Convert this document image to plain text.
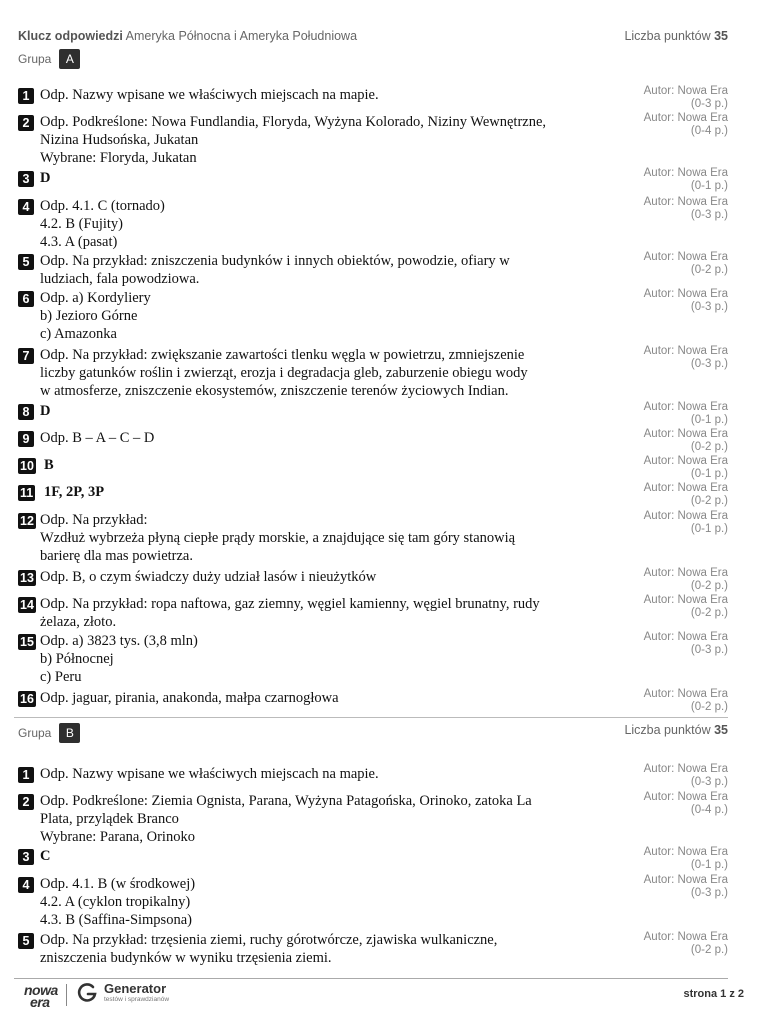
Klucz odpowiedzi Ameryka Północna i Ameryka Południowa	Liczba punktów 35
Grupa	A
1 Odp. Nazwy wpisane we właściwych miejscach na mapie.	Autor: Nowa Era
(0-3 p.)
2 Odp. Podkreślone: Nowa Fundlandia, Floryda, Wyżyna Kolorado, Niziny Wewnętrzne,
Nizina Hudsońska, Jukatan
Wybrane: Floryda, Jukatan
Autor: Nowa Era
(0-4 p.)
3 D	Autor: Nowa Era
(0-1 p.)
4 Odp. 4.1. C (tornado)
4.2. B (Fujity)
4.3. A (pasat)
Autor: Nowa Era
(0-3 p.)
5 Odp. Na przykład: zniszczenia budynków i innych obiektów, powodzie, ofiary w
ludziach, fala powodziowa.
Autor: Nowa Era
(0-2 p.)
6 Odp. a) Kordyliery
b) Jezioro Górne
c) Amazonka
Autor: Nowa Era
(0-3 p.)
7 Odp. Na przykład: zwiększanie zawartości tlenku węgla w powietrzu, zmniejszenie
liczby gatunków roślin i zwierząt, erozja i degradacja gleb, zaburzenie obiegu wody
w atmosferze, zniszczenie ekosystemów, zniszczenie terenów życiowych Indian.
Autor: Nowa Era
(0-3 p.)
8 D	Autor: Nowa Era
(0-1 p.)
9 Odp. B – A – C – D	Autor: Nowa Era
(0-2 p.)
10 B	Autor: Nowa Era
(0-1 p.)
11 1F, 2P, 3P	Autor: Nowa Era
(0-2 p.)
12 Odp. Na przykład:
Wzdłuż wybrzeża płyną ciepłe prądy morskie, a znajdujące się tam góry stanowią
barierę dla mas powietrza.
Autor: Nowa Era
(0-1 p.)
13 Odp. B, o czym świadczy duży udział lasów i nieużytków	Autor: Nowa Era
(0-2 p.)
14 Odp. Na przykład: ropa naftowa, gaz ziemny, węgiel kamienny, węgiel brunatny, rudy
żelaza, złoto.
Autor: Nowa Era
(0-2 p.)
15 Odp. a) 3823 tys. (3,8 mln)
b) Północnej
c) Peru
Autor: Nowa Era
(0-3 p.)
16 Odp. jaguar, pirania, anakonda, małpa czarnogłowa	Autor: Nowa Era
(0-2 p.)
Grupa	B	Liczba punktów 35
1 Odp. Nazwy wpisane we właściwych miejscach na mapie.	Autor: Nowa Era
(0-3 p.)
2 Odp. Podkreślone: Ziemia Ognista, Parana, Wyżyna Patagońska, Orinoko, zatoka La
Plata, przylądek Branco
Wybrane: Parana, Orinoko
Autor: Nowa Era
(0-4 p.)
3 C	Autor: Nowa Era
(0-1 p.)
4 Odp. 4.1. B (w środkowej)
4.2. A (cyklon tropikalny)
4.3. B (Saffina-Simpsona)
Autor: Nowa Era
(0-3 p.)
5 Odp. Na przykład: trzęsienia ziemi, ruchy górotwórcze, zjawiska wulkaniczne,
zniszczenia budynków w wyniku trzęsienia ziemi.
Autor: Nowa Era
(0-2 p.)
nowa
era
Generator
testów i sprawdzianów	strona 1 z 2
